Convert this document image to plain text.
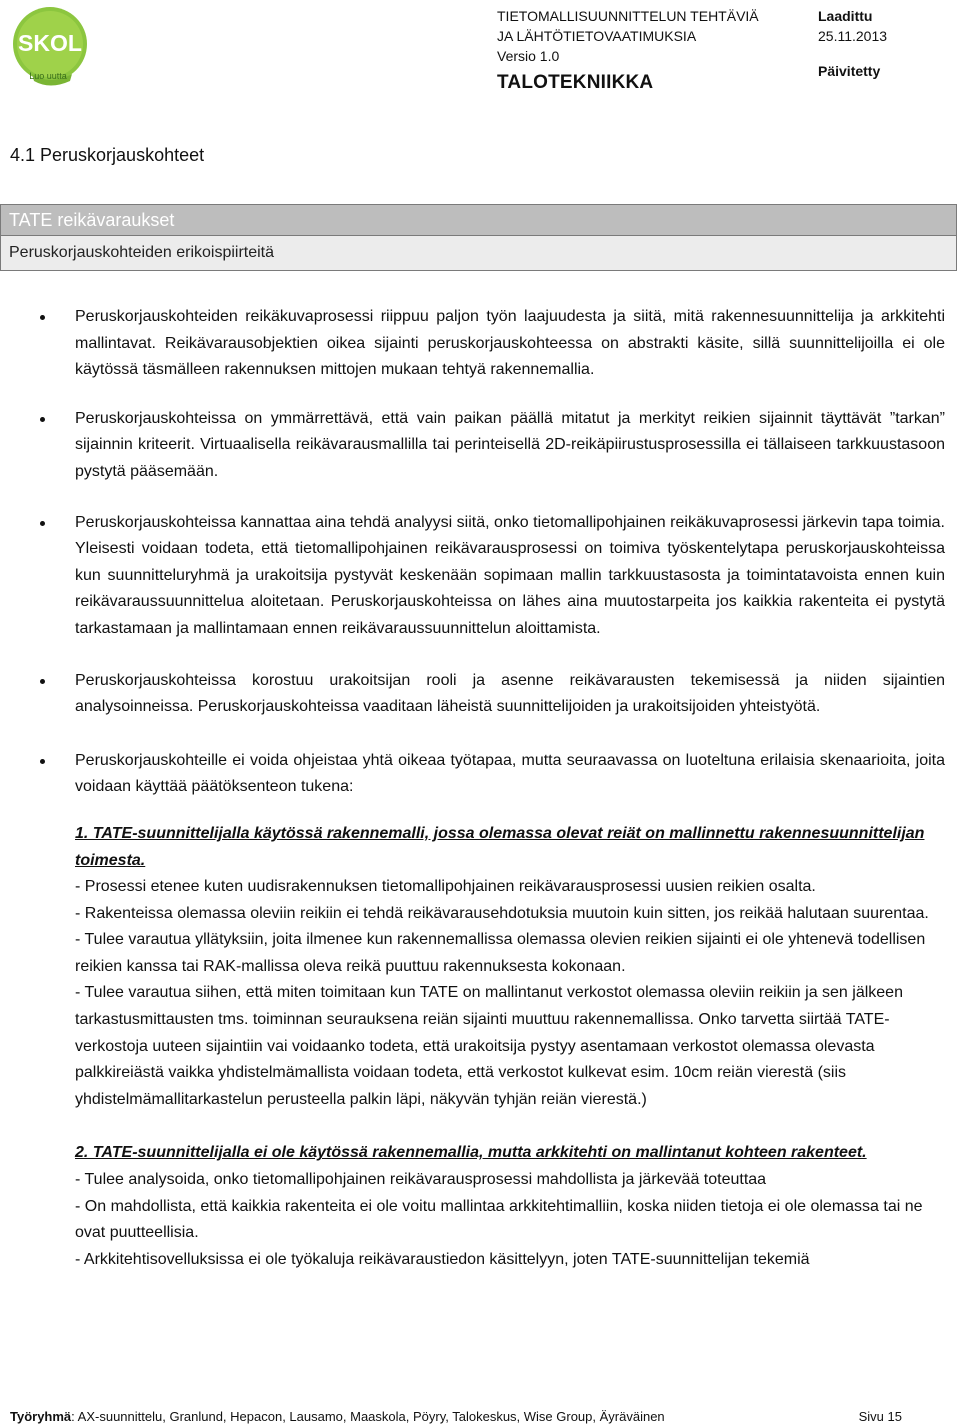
SKOL
Luo uutta
TIETOMALLISUUNNITTELUN TEHTÄVIÄ
JA LÄHTÖTIETOVAATIMUKSIA
Versio 1.0
TALOTEKNIIKKA
Laadittu
25.11.2013
Päivitetty
4.1 Peruskorjauskohteet
TATE reikävaraukset
Peruskorjauskohteiden erikoispiirteitä
Peruskorjauskohteiden reikäkuvaprosessi riippuu paljon työn laajuudesta ja siitä, mitä rakennesuunnittelija ja arkkitehti mallintavat. Reikävarausobjektien oikea sijainti peruskorjauskohteessa on abstrakti käsite, sillä suunnittelijoilla ei ole käytössä täsmälleen rakennuksen mittojen mukaan tehtyä rakennemallia.
Peruskorjauskohteissa on ymmärrettävä, että vain paikan päällä mitatut ja merkityt reikien sijainnit täyttävät ”tarkan” sijainnin kriteerit. Virtuaalisella reikävarausmallilla tai perinteisellä 2D-reikäpiirustusprosessilla ei tällaiseen tarkkuustasoon pystytä pääsemään.
Peruskorjauskohteissa kannattaa aina tehdä analyysi siitä, onko tietomallipohjainen reikäkuvaprosessi järkevin tapa toimia. Yleisesti voidaan todeta, että tietomallipohjainen reikävarausprosessi on toimiva työskentelytapa peruskorjauskohteissa kun suunnitteluryhmä ja urakoitsija pystyvät keskenään sopimaan mallin tarkkuustasosta ja toimintatavoista ennen kuin reikävaraussuunnittelua aloitetaan. Peruskorjauskohteissa on lähes aina muutostarpeita jos kaikkia rakenteita ei pystytä tarkastamaan ja mallintamaan ennen reikävaraussuunnittelun aloittamista.
Peruskorjauskohteissa korostuu urakoitsijan rooli ja asenne reikävarausten tekemisessä ja niiden sijaintien analysoinneissa. Peruskorjauskohteissa vaaditaan läheistä suunnittelijoiden ja urakoitsijoiden yhteistyötä.
Peruskorjauskohteille ei voida ohjeistaa yhtä oikeaa työtapaa, mutta seuraavassa on luoteltuna erilaisia skenaarioita, joita voidaan käyttää päätöksenteon tukena:
1. TATE-suunnittelijalla käytössä rakennemalli, jossa olemassa olevat reiät on mallinnettu rakennesuunnittelijan toimesta.
- Prosessi etenee kuten uudisrakennuksen tietomallipohjainen reikävarausprosessi uusien reikien osalta.
- Rakenteissa olemassa oleviin reikiin ei tehdä reikävarausehdotuksia muutoin kuin sitten, jos reikää halutaan suurentaa.
- Tulee varautua yllätyksiin, joita ilmenee kun rakennemallissa olemassa olevien reikien sijainti ei ole yhtenevä todellisen reikien kanssa tai RAK-mallissa oleva reikä puuttuu rakennuksesta kokonaan.
- Tulee varautua siihen, että miten toimitaan kun TATE on mallintanut verkostot olemassa oleviin reikiin ja sen jälkeen tarkastusmittausten tms. toiminnan seurauksena reiän sijainti muuttuu rakennemallissa. Onko tarvetta siirtää TATE-verkostoja uuteen sijaintiin vai voidaanko todeta, että urakoitsija pystyy asentamaan verkostot olemassa olevasta palkkireiästä vaikka yhdistelmämallista voidaan todeta, että verkostot kulkevat esim. 10cm reiän vierestä (siis yhdistelmämallitarkastelun perusteella palkin läpi, näkyvän tyhjän reiän vierestä.)
2. TATE-suunnittelijalla ei ole käytössä rakennemallia, mutta arkkitehti on mallintanut kohteen rakenteet.
- Tulee analysoida, onko tietomallipohjainen reikävarausprosessi mahdollista ja järkevää toteuttaa
- On mahdollista, että kaikkia rakenteita ei ole voitu mallintaa arkkitehtimalliin, koska niiden tietoja ei ole olemassa tai ne ovat puutteellisia.
- Arkkitehtisovelluksissa ei ole työkaluja reikävaraustiedon käsittelyyn, joten TATE-suunnittelijan tekemiä
Työryhmä: AX-suunnittelu, Granlund, Hepacon, Lausamo, Maaskola, Pöyry, Talokeskus, Wise Group, Äyräväinen	Sivu 15
